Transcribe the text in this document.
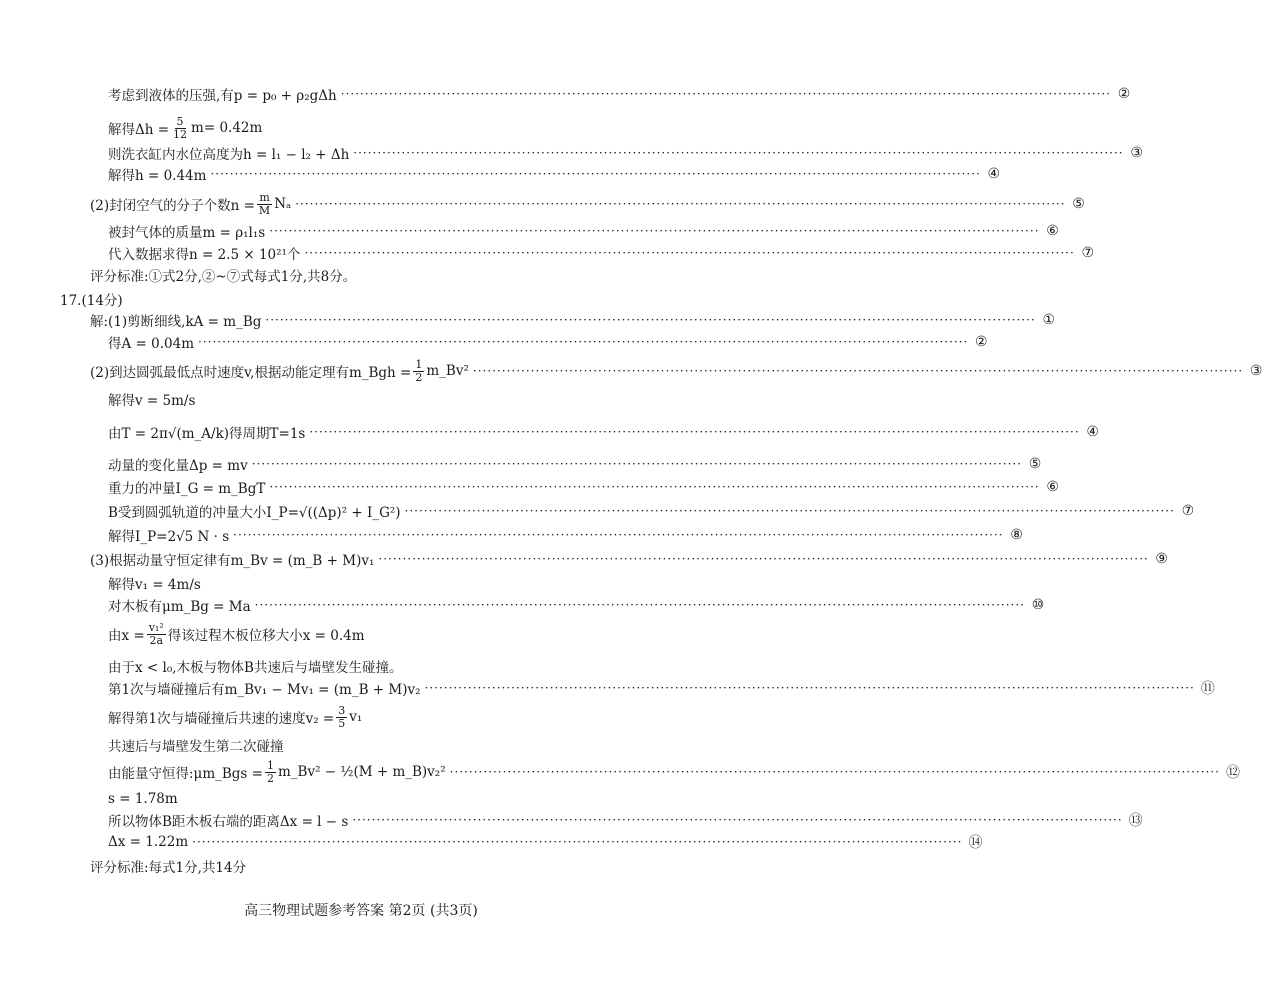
考虑到液体的压强,有p = p₀ + ρ₂gΔh ································································································································································ ②
解得$\Delta h = \frac{5}{12} m= 0.42m$
则洗衣缸内水位高度为h = l₁ − l₂ + Δh ································································································································································ ③
解得h = 0.44m ································································································································································ ④
(2)封闭空气的分子个数$n = \frac{m}{M}$ Nₐ ································································································································································ ⑤
被封气体的质量m = ρ₁l₁s ································································································································································ ⑥
代入数据求得n = 2.5 × 10²¹个 ································································································································································ ⑦
评分标准:①式2分,②~⑦式每式1分,共8分。
17.(14分)
解:(1)剪断细线,kA = m_Bg ································································································································································ ①
得A = 0.04m ································································································································································ ②
(2)到达圆弧最低点时速度v,根据动能定理有m_Bgh = $\frac{1}{2}$ m_Bv² ································································································································································ ③
解得v = 5m/s
由T = 2π√(m_A/k)得周期T=1s ································································································································································ ④
动量的变化量Δp = mv ································································································································································ ⑤
重力的冲量I_G = m_BgT ································································································································································ ⑥
B受到圆弧轨道的冲量大小I_P=√((Δp)² + I_G²) ································································································································································ ⑦
解得I_P=2√5 N · s ································································································································································ ⑧
(3)根据动量守恒定律有m_Bv = (m_B + M)v₁ ································································································································································ ⑨
解得v₁ = 4m/s
对木板有μm_Bg = Ma ································································································································································ ⑩
由$x = \frac{\text{v₁²}}{2a}$ 得该过程木板位移大小x = 0.4m
由于x < l₀,木板与物体B共速后与墙壁发生碰撞。
第1次与墙碰撞后有m_Bv₁ − Mv₁ = (m_B + M)v₂ ································································································································································ ⑪
解得第1次与墙碰撞后共速的速度$v_2 = \frac{3}{5} v_1$
共速后与墙壁发生第二次碰撞
由能量守恒得:μm_Bgs = $\frac{1}{2}$ m_Bv² − ½(M + m_B)v₂² ································································································································································ ⑫
s = 1.78m
所以物体B距木板右端的距离Δx = l − s ································································································································································ ⑬
Δx = 1.22m ································································································································································ ⑭
评分标准:每式1分,共14分
高三物理试题参考答案 第2页 (共3页)
